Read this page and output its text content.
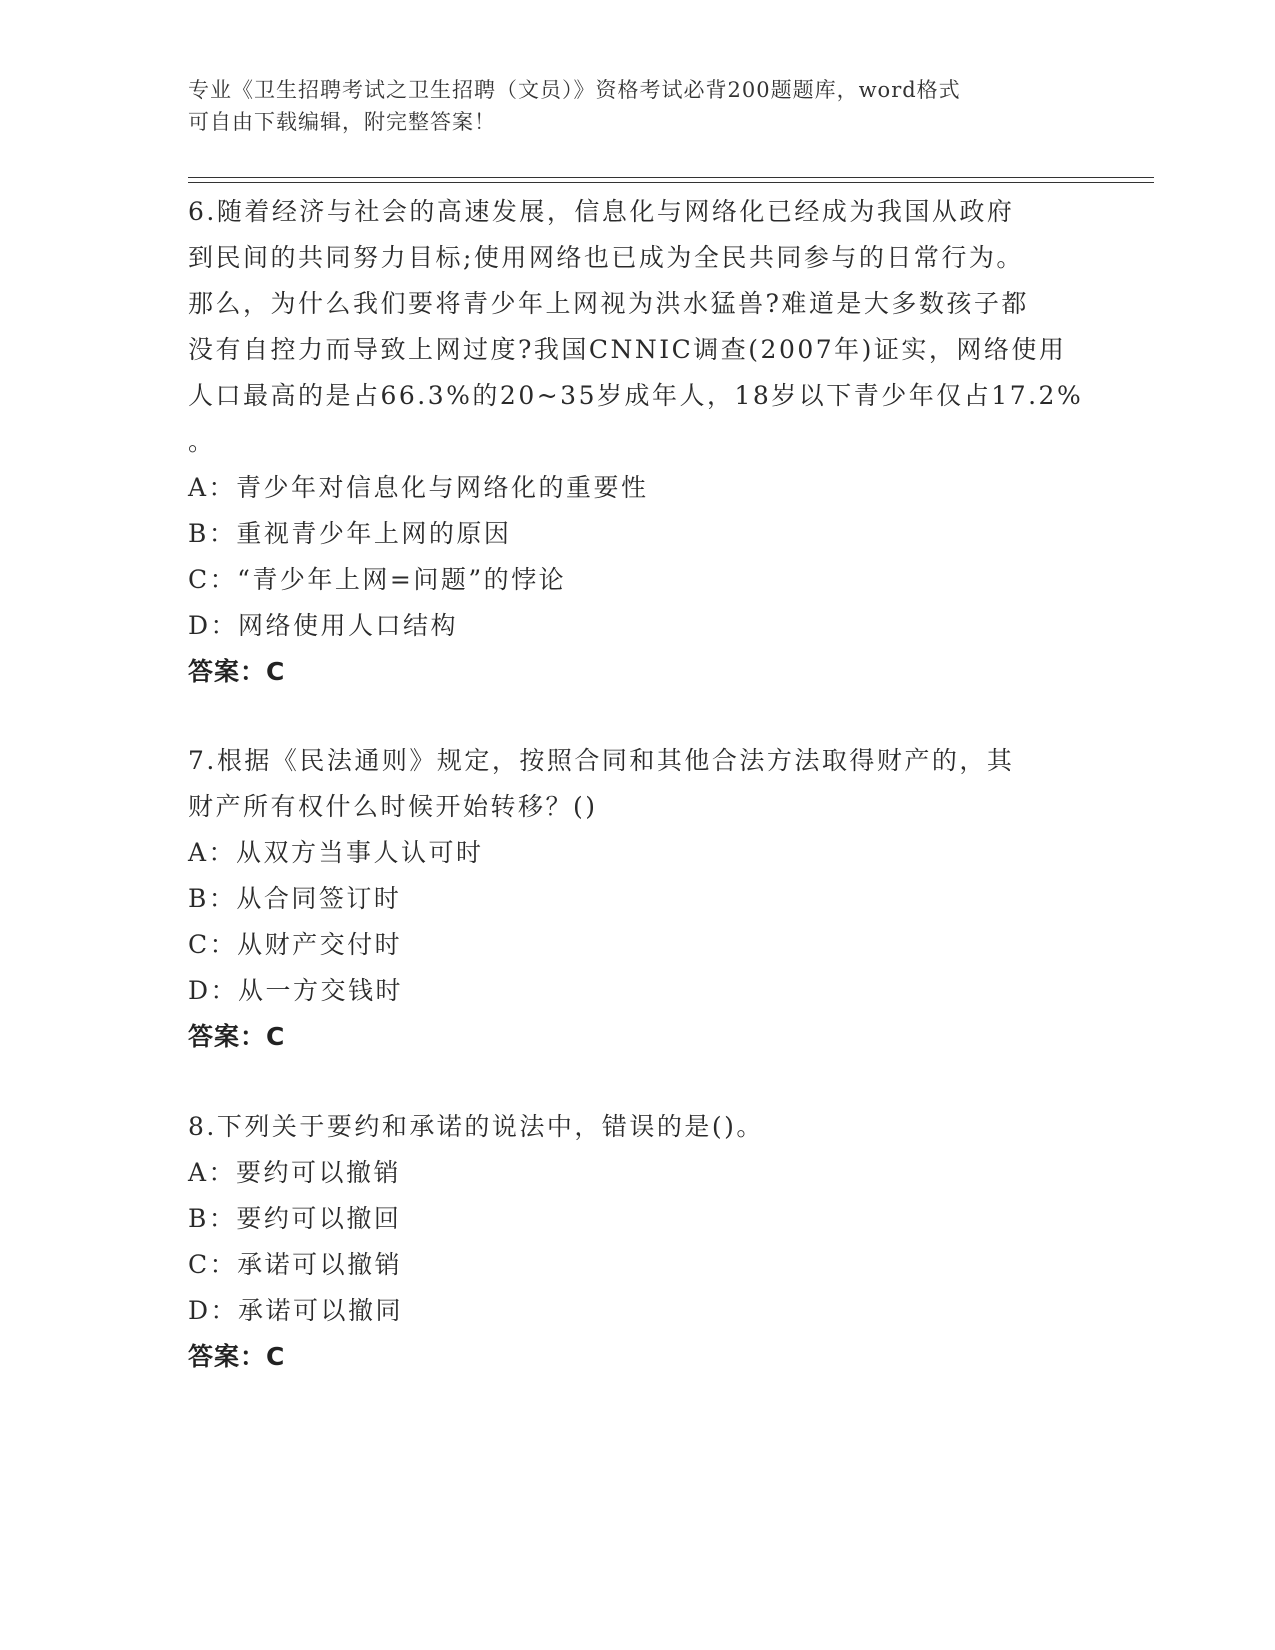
专业《卫生招聘考试之卫生招聘（文员）》资格考试必背200题题库，word格式
可自由下载编辑，附完整答案！
6.随着经济与社会的高速发展，信息化与网络化已经成为我国从政府
到民间的共同努力目标;使用网络也已成为全民共同参与的日常行为。
那么，为什么我们要将青少年上网视为洪水猛兽?难道是大多数孩子都
没有自控力而导致上网过度?我国CNNIC调查(2007年)证实，网络使用
人口最高的是占66.3%的20~35岁成年人，18岁以下青少年仅占17.2%
。
A：青少年对信息化与网络化的重要性
B：重视青少年上网的原因
C：“青少年上网=问题”的悖论
D：网络使用人口结构
答案：C
7.根据《民法通则》规定，按照合同和其他合法方法取得财产的，其
财产所有权什么时候开始转移？()
A：从双方当事人认可时
B：从合同签订时
C：从财产交付时
D：从一方交钱时
答案：C
8.下列关于要约和承诺的说法中，错误的是()。
A：要约可以撤销
B：要约可以撤回
C：承诺可以撤销
D：承诺可以撤同
答案：C
